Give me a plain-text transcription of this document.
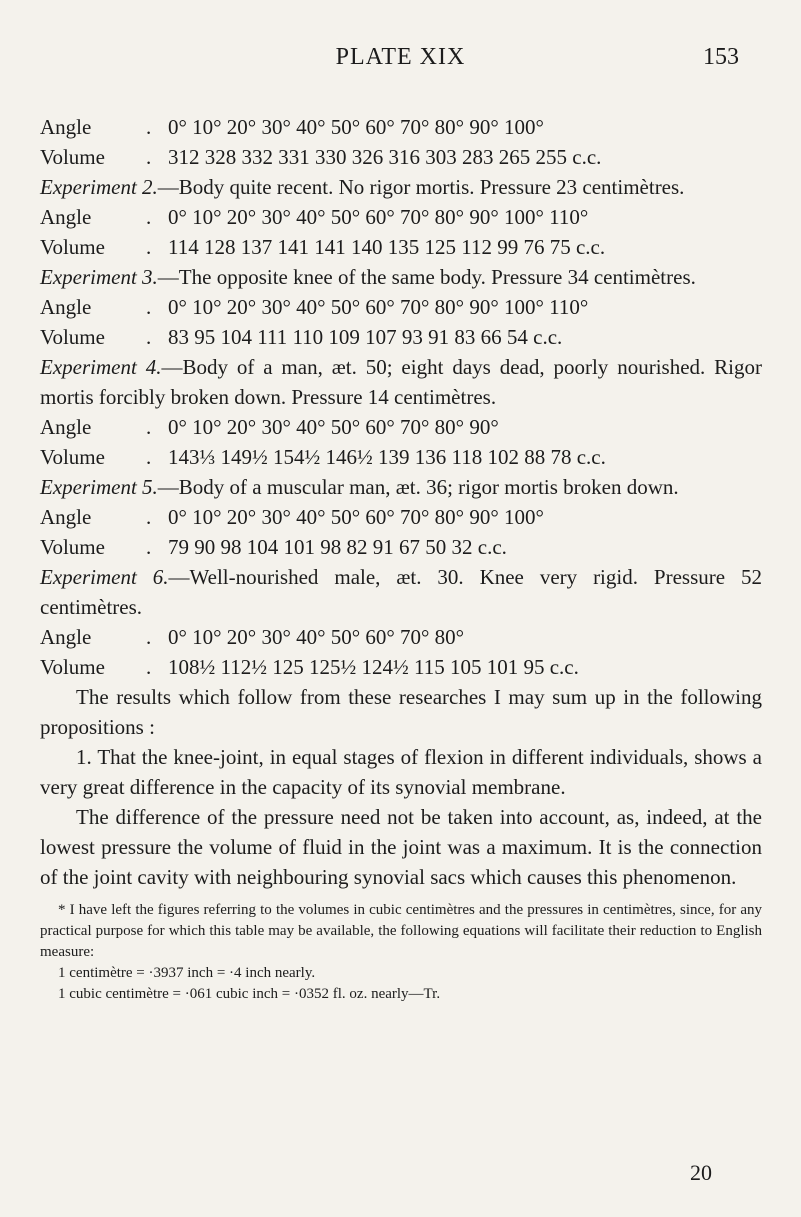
PLATE XIX	153
Angle	. 0° 10° 20° 30° 40° 50° 60° 70° 80° 90° 100°
Volume	. 312 328 332 331 330 326 316 303 283 265 255 c.c.
Experiment 2.—Body quite recent. No rigor mortis. Pressure 23 centimètres.
Angle	. 0° 10° 20° 30° 40° 50° 60° 70° 80° 90° 100° 110°
Volume	. 114 128 137 141 141 140 135 125 112 99 76 75 c.c.
Experiment 3.—The opposite knee of the same body. Pressure 34 centimètres.
Angle	. 0° 10° 20° 30° 40° 50° 60° 70° 80° 90° 100° 110°
Volume	. 83 95 104 111 110 109 107 93 91 83 66 54 c.c.
Experiment 4.—Body of a man, æt. 50; eight days dead, poorly nourished. Rigor mortis forcibly broken down. Pressure 14 centimètres.
Angle	. 0° 10° 20° 30° 40° 50° 60° 70° 80° 90°
Volume	. 143⅓ 149½ 154½ 146½ 139 136 118 102 88 78 c.c.
Experiment 5.—Body of a muscular man, æt. 36; rigor mortis broken down.
Angle	. 0° 10° 20° 30° 40° 50° 60° 70° 80° 90° 100°
Volume	. 79 90 98 104 101 98 82 91 67 50 32 c.c.
Experiment 6.—Well-nourished male, æt. 30. Knee very rigid. Pressure 52 centimètres.
Angle	. 0° 10° 20° 30° 40° 50° 60° 70° 80°
Volume	. 108½ 112½ 125 125½ 124½ 115 105 101 95 c.c.
The results which follow from these researches I may sum up in the following propositions :
1. That the knee-joint, in equal stages of flexion in different individuals, shows a very great difference in the capacity of its synovial membrane.
The difference of the pressure need not be taken into account, as, indeed, at the lowest pressure the volume of fluid in the joint was a maximum. It is the connection of the joint cavity with neighbouring synovial sacs which causes this phenomenon.
* I have left the figures referring to the volumes in cubic centimètres and the pressures in centimètres, since, for any practical purpose for which this table may be available, the following equations will facilitate their reduction to English measure:
1 centimètre = ·3937 inch = ·4 inch nearly.
1 cubic centimètre = ·061 cubic inch = ·0352 fl. oz. nearly—Tr.
20
